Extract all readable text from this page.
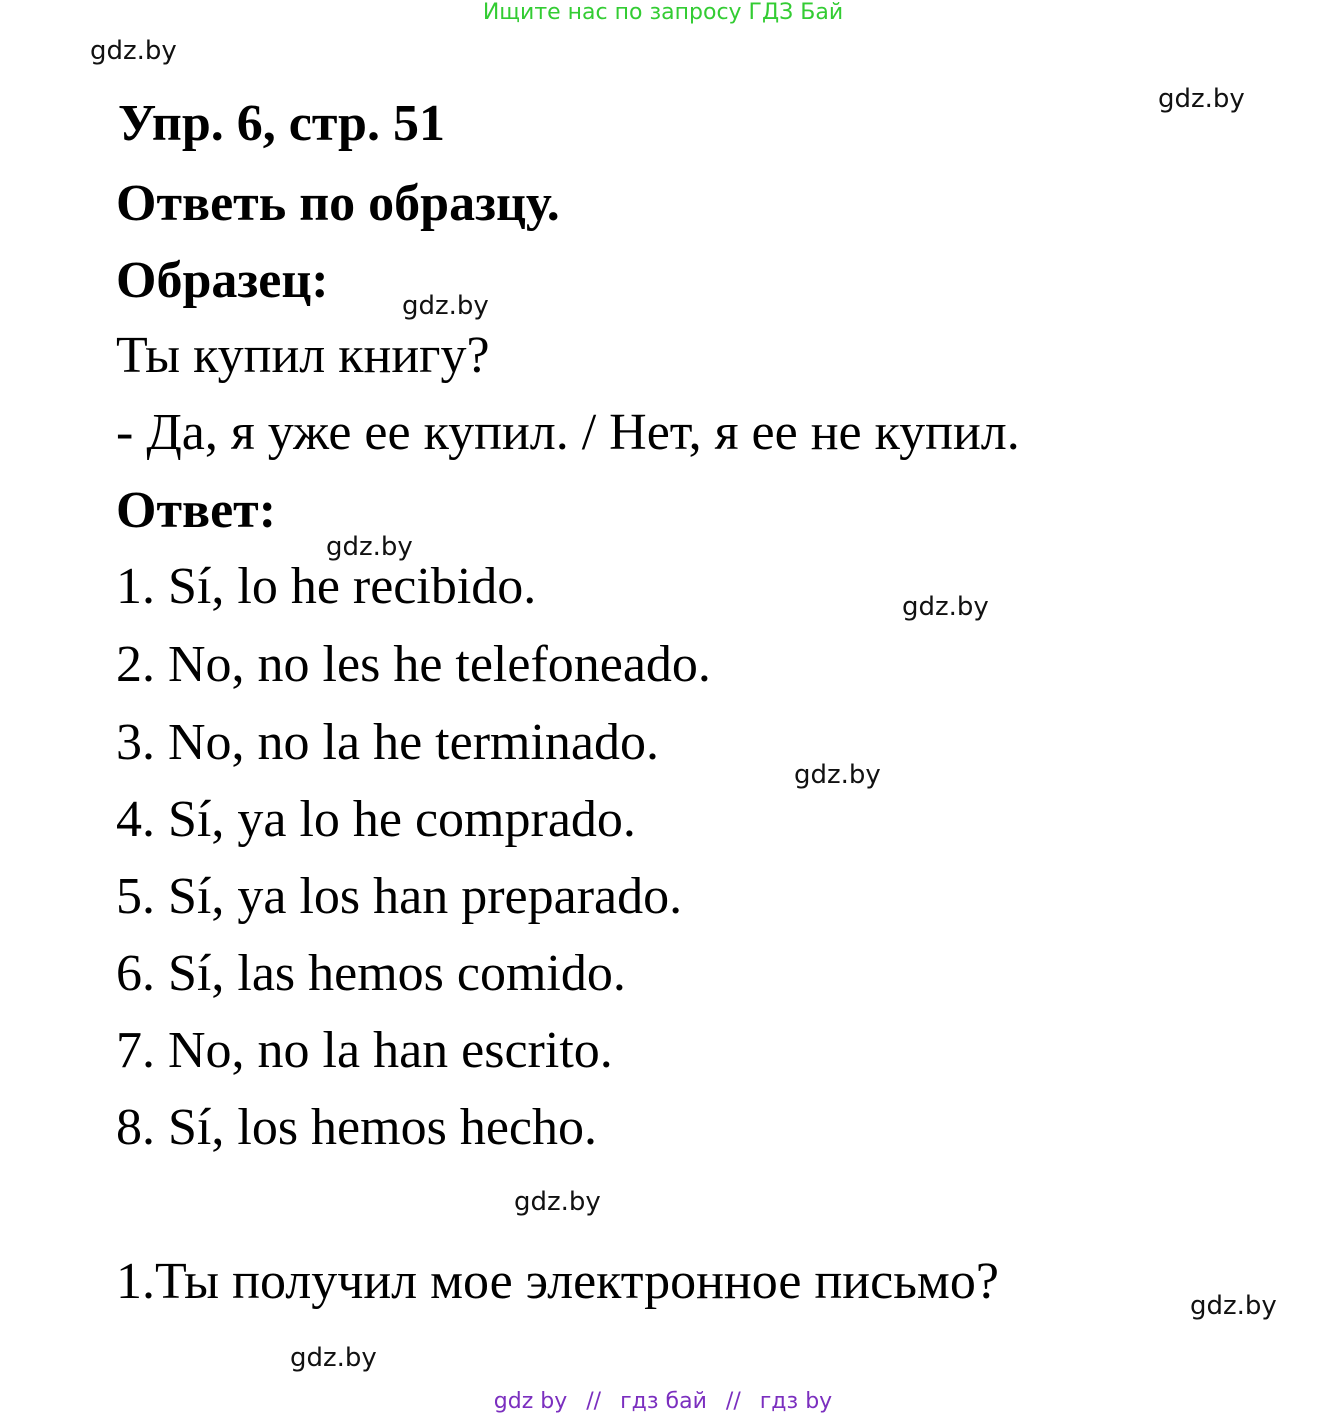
Ищите нас по запросу ГДЗ Бай
gdz.by
gdz.by
gdz.by
gdz.by
gdz.by
gdz.by
gdz.by
gdz.by
gdz.by
Упр. 6, стр. 51
Ответь по образцу.
Образец:
Ты купил книгу?
- Да, я уже ее купил. / Нет, я ее не купил.
Ответ:
1. Sí, lo he recibido.
2. No, no les he telefoneado.
3. No, no la he terminado.
4. Sí, ya lo he comprado.
5. Sí, ya los han preparado.
6. Sí, las hemos comido.
7. No, no la han escrito.
8. Sí, los hemos hecho.
1.Ты получил мое электронное письмо?
gdz by // гдз бай // гдз by
